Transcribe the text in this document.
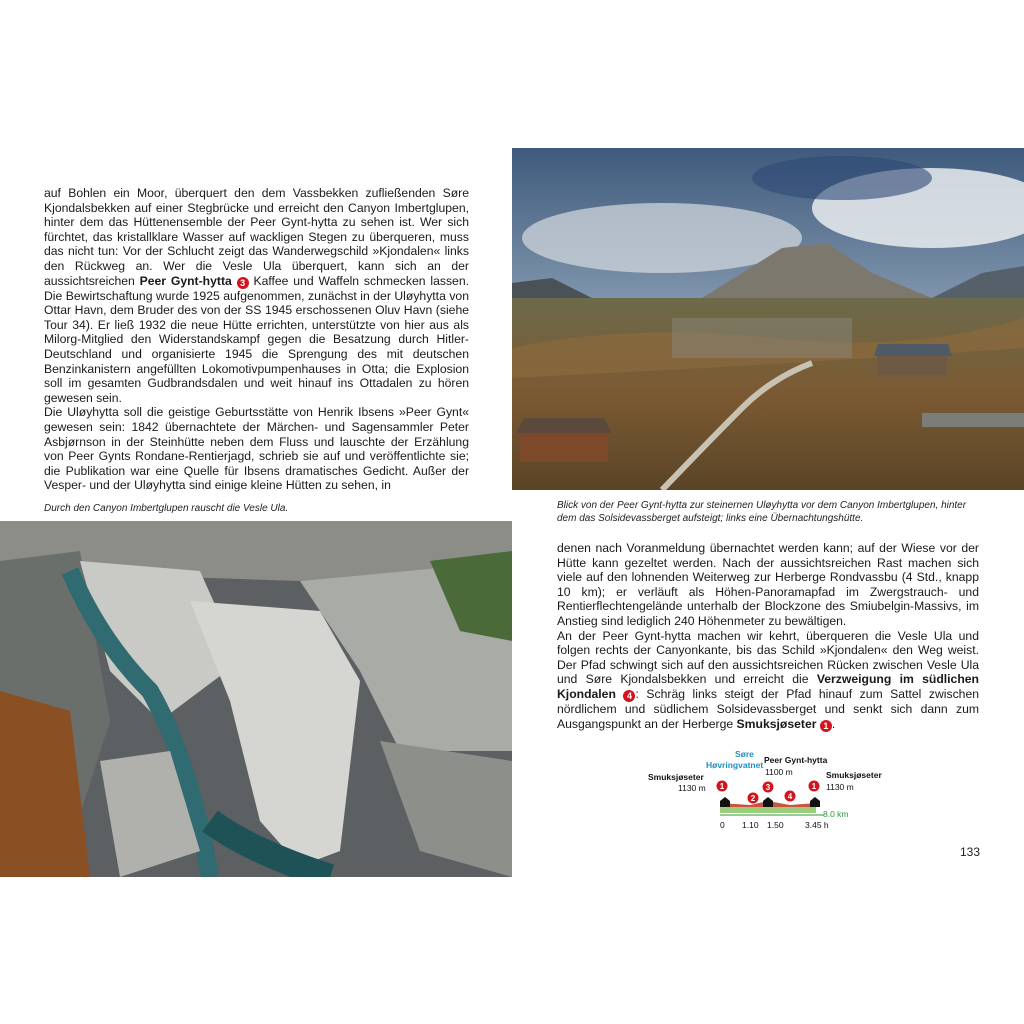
auf Bohlen ein Moor, überquert den dem Vassbekken zufließenden Søre Kjondalsbekken auf einer Stegbrücke und erreicht den Canyon Imbertglupen, hinter dem das Hüttenensemble der Peer Gynt-hytta zu sehen ist. Wer sich fürchtet, das kristallklare Wasser auf wackligen Stegen zu überqueren, muss das nicht tun: Vor der Schlucht zeigt das Wanderwegschild »Kjondalen« links den Rückweg an. Wer die Vesle Ula überquert, kann sich an der aussichtsreichen Peer Gynt-hytta 3 Kaffee und Waffeln schmecken lassen. Die Bewirtschaftung wurde 1925 aufgenommen, zunächst in der Uløyhytta von Ottar Havn, dem Bruder des von der SS 1945 erschossenen Oluv Havn (siehe Tour 34). Er ließ 1932 die neue Hütte errichten, unterstützte von hier aus als Milorg-Mitglied den Widerstandskampf gegen die Besatzung durch Hitler-Deutschland und organisierte 1945 die Sprengung des mit deutschen Benzinkanistern angefüllten Lokomotivpumpenhauses in Otta; die Explosion soll im gesamten Gudbrandsdalen und weit hinauf ins Ottadalen zu hören gewesen sein.

Die Uløyhytta soll die geistige Geburtsstätte von Henrik Ibsens »Peer Gynt« gewesen sein: 1842 übernachtete der Märchen- und Sagensammler Peter Asbjørnson in der Steinhütte neben dem Fluss und lauschte der Erzählung von Peer Gynts Rondane-Rentierjagd, schrieb sie auf und veröffentlichte sie; die Publikation war eine Quelle für Ibsens dramatisches Gedicht. Außer der Vesper- und der Uløyhytta sind einige kleine Hütten zu sehen, in

Blick von der Peer Gynt-hytta zur steinernen Uløyhytta vor dem Canyon Imbertglupen, hinter dem das Solsidevassberget aufsteigt; links eine Übernachtungshütte.
Durch den Canyon Imbertglupen rauscht die Vesle Ula.

denen nach Voranmeldung übernachtet werden kann; auf der Wiese vor der Hütte kann gezeltet werden. Nach der aussichtsreichen Rast machen sich viele auf den lohnenden Weiterweg zur Herberge Rondvassbu (4 Std., knapp 10 km); er verläuft als Höhen-Panoramapfad im Zwergstrauch- und Rentierflechtengelände unterhalb der Blockzone des Smiubelgin-Massivs, im Anstieg sind lediglich 240 Höhenmeter zu bewältigen.

An der Peer Gynt-hytta machen wir kehrt, überqueren die Vesle Ula und folgen rechts der Canyonkante, bis das Schild »Kjondalen« den Weg weist. Der Pfad schwingt sich auf den aussichtsreichen Rücken zwischen Vesle Ula und Søre Kjondalsbekken und erreicht die Verzweigung im südlichen Kjondalen 4 : Schräg links steigt der Pfad hinauf zum Sattel zwischen nördlichem und südlichem Solsidevassberget und senkt sich dann zum Ausgangspunkt an der Herberge Smuksjøseter 1 .

Smuksjøseter
1130 m
Søre
Høvringvatnet Peer Gynt-hytta
1100 m	Smuksjøseter
1130 m
1
2
3
4
1
8.0 km
0 1.10 1.50	3.45 h
133
